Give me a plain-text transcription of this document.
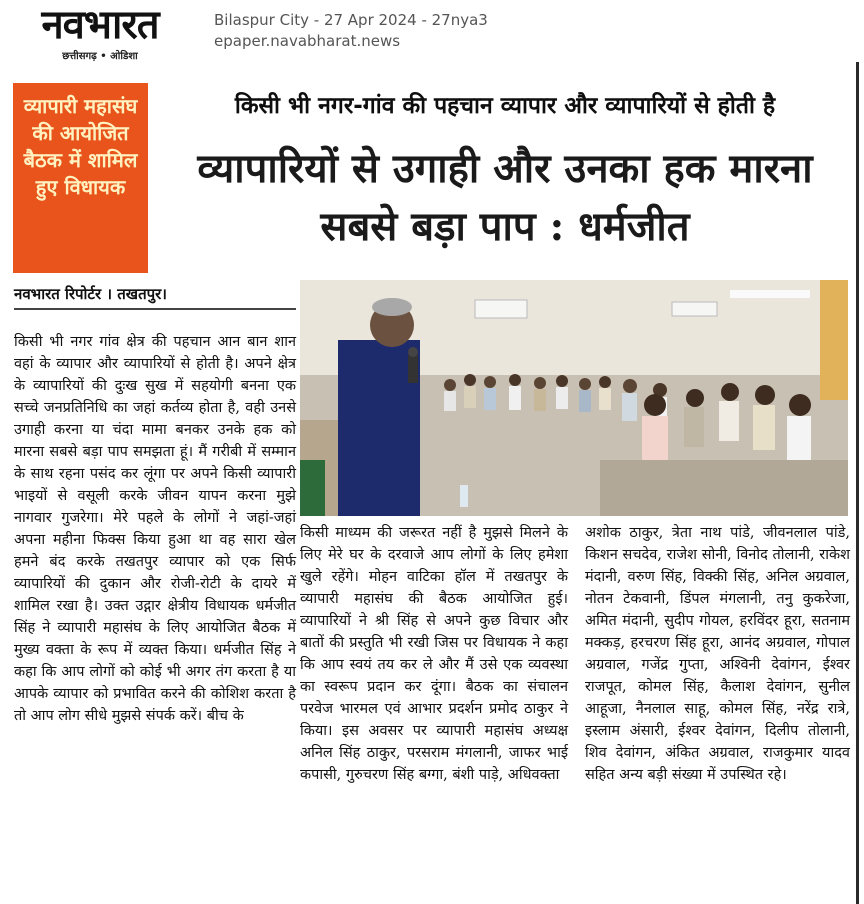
नवभारत
छत्तीसगढ़ • ओडिशा
Bilaspur City - 27 Apr 2024 - 27nya3
epaper.navabharat.news
व्यापारी महासंघ की आयोजित बैठक में शामिल हुए विधायक
किसी भी नगर-गांव की पहचान व्यापार और व्यापारियों से होती है
व्यापारियों से उगाही और उनका हक मारना सबसे बड़ा पाप : धर्मजीत
नवभारत रिपोर्टर । तखतपुर।
किसी भी नगर गांव क्षेत्र की पहचान आन बान शान वहां के व्यापार और व्यापारियों से होती है। अपने क्षेत्र के व्यापारियों की दुःख सुख में सहयोगी बनना एक सच्चे जनप्रतिनिधि का जहां कर्तव्य होता है, वही उनसे उगाही करना या चंदा मामा बनकर उनके हक को मारना सबसे बड़ा पाप समझता हूं। मैं गरीबी में सम्मान के साथ रहना पसंद कर लूंगा पर अपने किसी व्यापारी भाइयों से वसूली करके जीवन यापन करना मुझे नागवार गुजरेगा। मेरे पहले के लोगों ने जहां-जहां अपना महीना फिक्स किया हुआ था वह सारा खेल हमने बंद करके तखतपुर व्यापार को एक सिर्फ व्यापारियों की दुकान और रोजी-रोटी के दायरे में शामिल रखा है। उक्त उद्गार क्षेत्रीय विधायक धर्मजीत सिंह ने व्यापारी महासंघ के लिए आयोजित बैठक में मुख्य वक्ता के रूप में व्यक्त किया। धर्मजीत सिंह ने कहा कि आप लोगों को कोई भी अगर तंग करता है या आपके व्यापार को प्रभावित करने की कोशिश करता है तो आप लोग सीधे मुझसे संपर्क करें। बीच के
किसी माध्यम की जरूरत नहीं है मुझसे मिलने के लिए मेरे घर के दरवाजे आप लोगों के लिए हमेशा खुले रहेंगे। मोहन वाटिका हॉल में तखतपुर के व्यापारी महासंघ की बैठक आयोजित हुई। व्यापारियों ने श्री सिंह से अपने कुछ विचार और बातों की प्रस्तुति भी रखी जिस पर विधायक ने कहा कि आप स्वयं तय कर ले और मैं उसे एक व्यवस्था का स्वरूप प्रदान कर दूंगा। बैठक का संचालन परवेज भारमल एवं आभार प्रदर्शन प्रमोद ठाकुर ने किया। इस अवसर पर व्यापारी महासंघ अध्यक्ष अनिल सिंह ठाकुर, परसराम मंगलानी, जाफर भाई कपासी, गुरुचरण सिंह बग्गा, बंशी पाड़े, अधिवक्ता
अशोक ठाकुर, त्रेता नाथ पांडे, जीवनलाल पांडे, किशन सचदेव, राजेश सोनी, विनोद तोलानी, राकेश मंदानी, वरुण सिंह, विक्की सिंह, अनिल अग्रवाल, नोतन टेकवानी, डिंपल मंगलानी, तनु कुकरेजा, अमित मंदानी, सुदीप गोयल, हरविंदर हूरा, सतनाम मक्कड़, हरचरण सिंह हूरा, आनंद अग्रवाल, गोपाल अग्रवाल, गजेंद्र गुप्ता, अश्विनी देवांगन, ईश्वर राजपूत, कोमल सिंह, कैलाश देवांगन, सुनील आहूजा, नैनलाल साहू, कोमल सिंह, नरेंद्र रात्रे, इस्लाम अंसारी, ईश्वर देवांगन, दिलीप तोलानी, शिव देवांगन, अंकित अग्रवाल, राजकुमार यादव सहित अन्य बड़ी संख्या में उपस्थित रहे।
